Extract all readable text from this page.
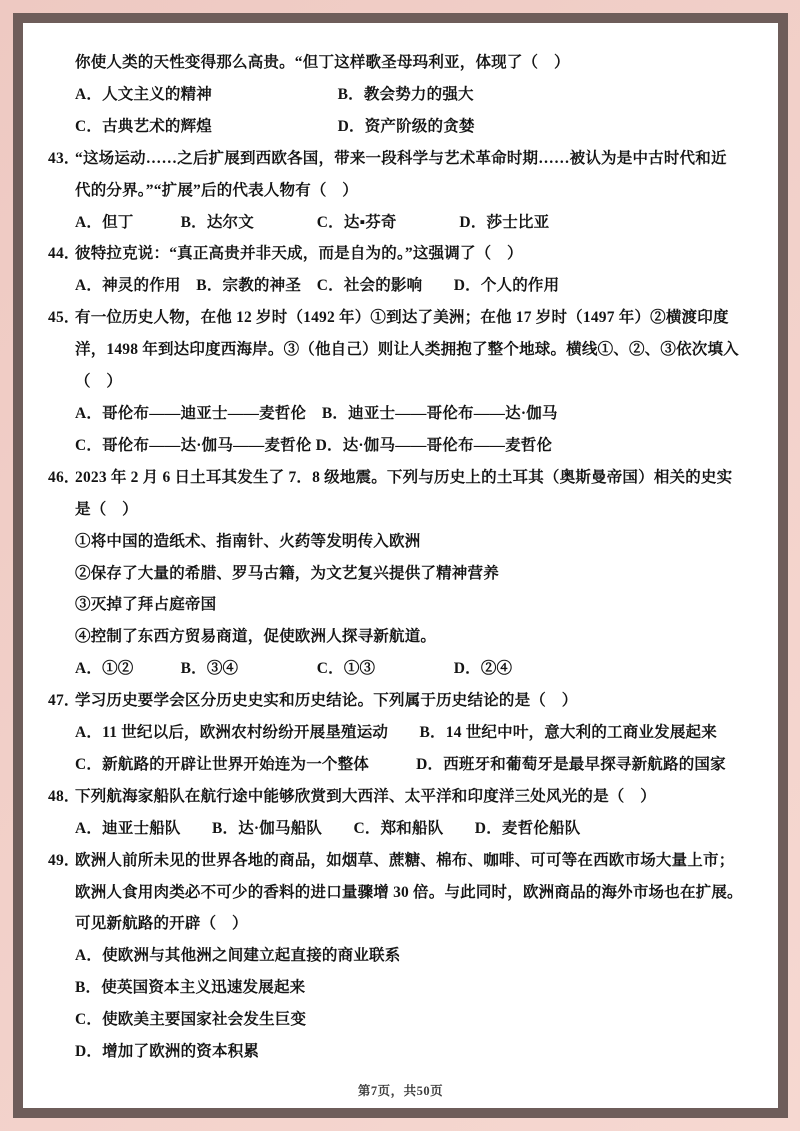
你使人类的天性变得那么高贵。“但丁这样歌圣母玛利亚，体现了（　）
A．人文主义的精神　　　　　　　　B．教会势力的强大
C．古典艺术的辉煌　　　　　　　　D．资产阶级的贪婪
43．
“这场运动……之后扩展到西欧各国，带来一段科学与艺术革命时期……被认为是中古时代和近
代的分界。”“扩展”后的代表人物有（　）
A．但丁　　　B．达尔文　　　　C．达▪芬奇　　　　D．莎士比亚
44．
彼特拉克说：“真正高贵并非天成，而是自为的。”这强调了（　）
A．神灵的作用　B．宗教的神圣　C．社会的影响　　D．个人的作用
45．
有一位历史人物，在他 12 岁时（1492 年）①到达了美洲；在他 17 岁时（1497 年）②横渡印度
洋，1498 年到达印度西海岸。③（他自己）则让人类拥抱了整个地球。横线①、②、③依次填入
（　）
A．哥伦布——迪亚士——麦哲伦　B．迪亚士——哥伦布——达·伽马
C．哥伦布——达·伽马——麦哲伦 D．达·伽马——哥伦布——麦哲伦
46．
2023 年 2 月 6 日土耳其发生了 7．8 级地震。下列与历史上的土耳其（奥斯曼帝国）相关的史实
是（　）
①将中国的造纸术、指南针、火药等发明传入欧洲
②保存了大量的希腊、罗马古籍，为文艺复兴提供了精神营养
③灭掉了拜占庭帝国
④控制了东西方贸易商道，促使欧洲人探寻新航道。
A．①②　　　B．③④　　　　　C．①③　　　　　D．②④
47．
学习历史要学会区分历史史实和历史结论。下列属于历史结论的是（　）
A．11 世纪以后，欧洲农村纷纷开展垦殖运动　　B．14 世纪中叶，意大利的工商业发展起来
C．新航路的开辟让世界开始连为一个整体　　　D．西班牙和葡萄牙是最早探寻新航路的国家
48．
下列航海家船队在航行途中能够欣赏到大西洋、太平洋和印度洋三处风光的是（　）
A．迪亚士船队　　B．达·伽马船队　　C．郑和船队　　D．麦哲伦船队
49．
欧洲人前所未见的世界各地的商品，如烟草、蔗糖、棉布、咖啡、可可等在西欧市场大量上市；
欧洲人食用肉类必不可少的香料的进口量骤增 30 倍。与此同时，欧洲商品的海外市场也在扩展。
可见新航路的开辟（　）
A．使欧洲与其他洲之间建立起直接的商业联系
B．使英国资本主义迅速发展起来
C．使欧美主要国家社会发生巨变
D．增加了欧洲的资本积累
第7页，共50页
